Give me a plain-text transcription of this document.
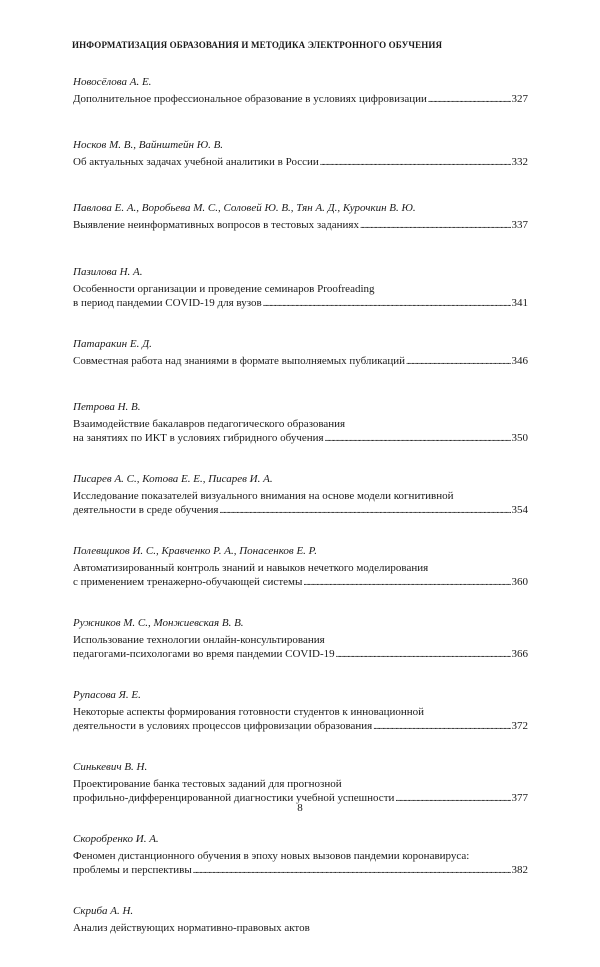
ИНФОРМАТИЗАЦИЯ ОБРАЗОВАНИЯ И МЕТОДИКА ЭЛЕКТРОННОГО ОБУЧЕНИЯ
Новосёлова А. Е.
Дополнительное профессиональное образование в условиях цифровизации . . .	327
Носков М. В., Вайнштейн Ю. В.
Об актуальных задачах учебной аналитики в России . . .	332
Павлова Е. А., Воробьева М. С., Соловей Ю. В., Тян А. Д., Курочкин В. Ю.
Выявление неинформативных вопросов в тестовых заданиях . . .	337
Пазилова Н. А.
Особенности организации и проведение семинаров Proofreading
в период пандемии COVID-19 для вузов . . .	341
Патаракин Е. Д.
Совместная работа над знаниями в формате выполняемых публикаций . . .	346
Петрова Н. В.
Взаимодействие бакалавров педагогического образования
на занятиях по ИКТ в условиях гибридного обучения . . .	350
Писарев А. С., Котова Е. Е., Писарев И. А.
Исследование показателей визуального внимания на основе модели когнитивной
деятельности в среде обучения . . .	354
Полевщиков И. С., Кравченко Р. А., Понасенков Е. Р.
Автоматизированный контроль знаний и навыков нечеткого моделирования
с применением тренажерно-обучающей системы . . .	360
Ружников М. С., Монжиевская В. В.
Использование технологии онлайн-консультирования
педагогами-психологами во время пандемии COVID-19 . . .	366
Рупасова Я. Е.
Некоторые аспекты формирования готовности студентов к инновационной
деятельности в условиях процессов цифровизации образования . . .	372
Синькевич В. Н.
Проектирование банка тестовых заданий для прогнозной
профильно-дифференцированной диагностики учебной успешности . . .	377
Скоробренко И. А.
Феномен дистанционного обучения в эпоху новых вызовов пандемии коронавируса:
проблемы и перспективы . . .	382
Скриба А. Н.
Анализ действующих нормативно-правовых актов
8
